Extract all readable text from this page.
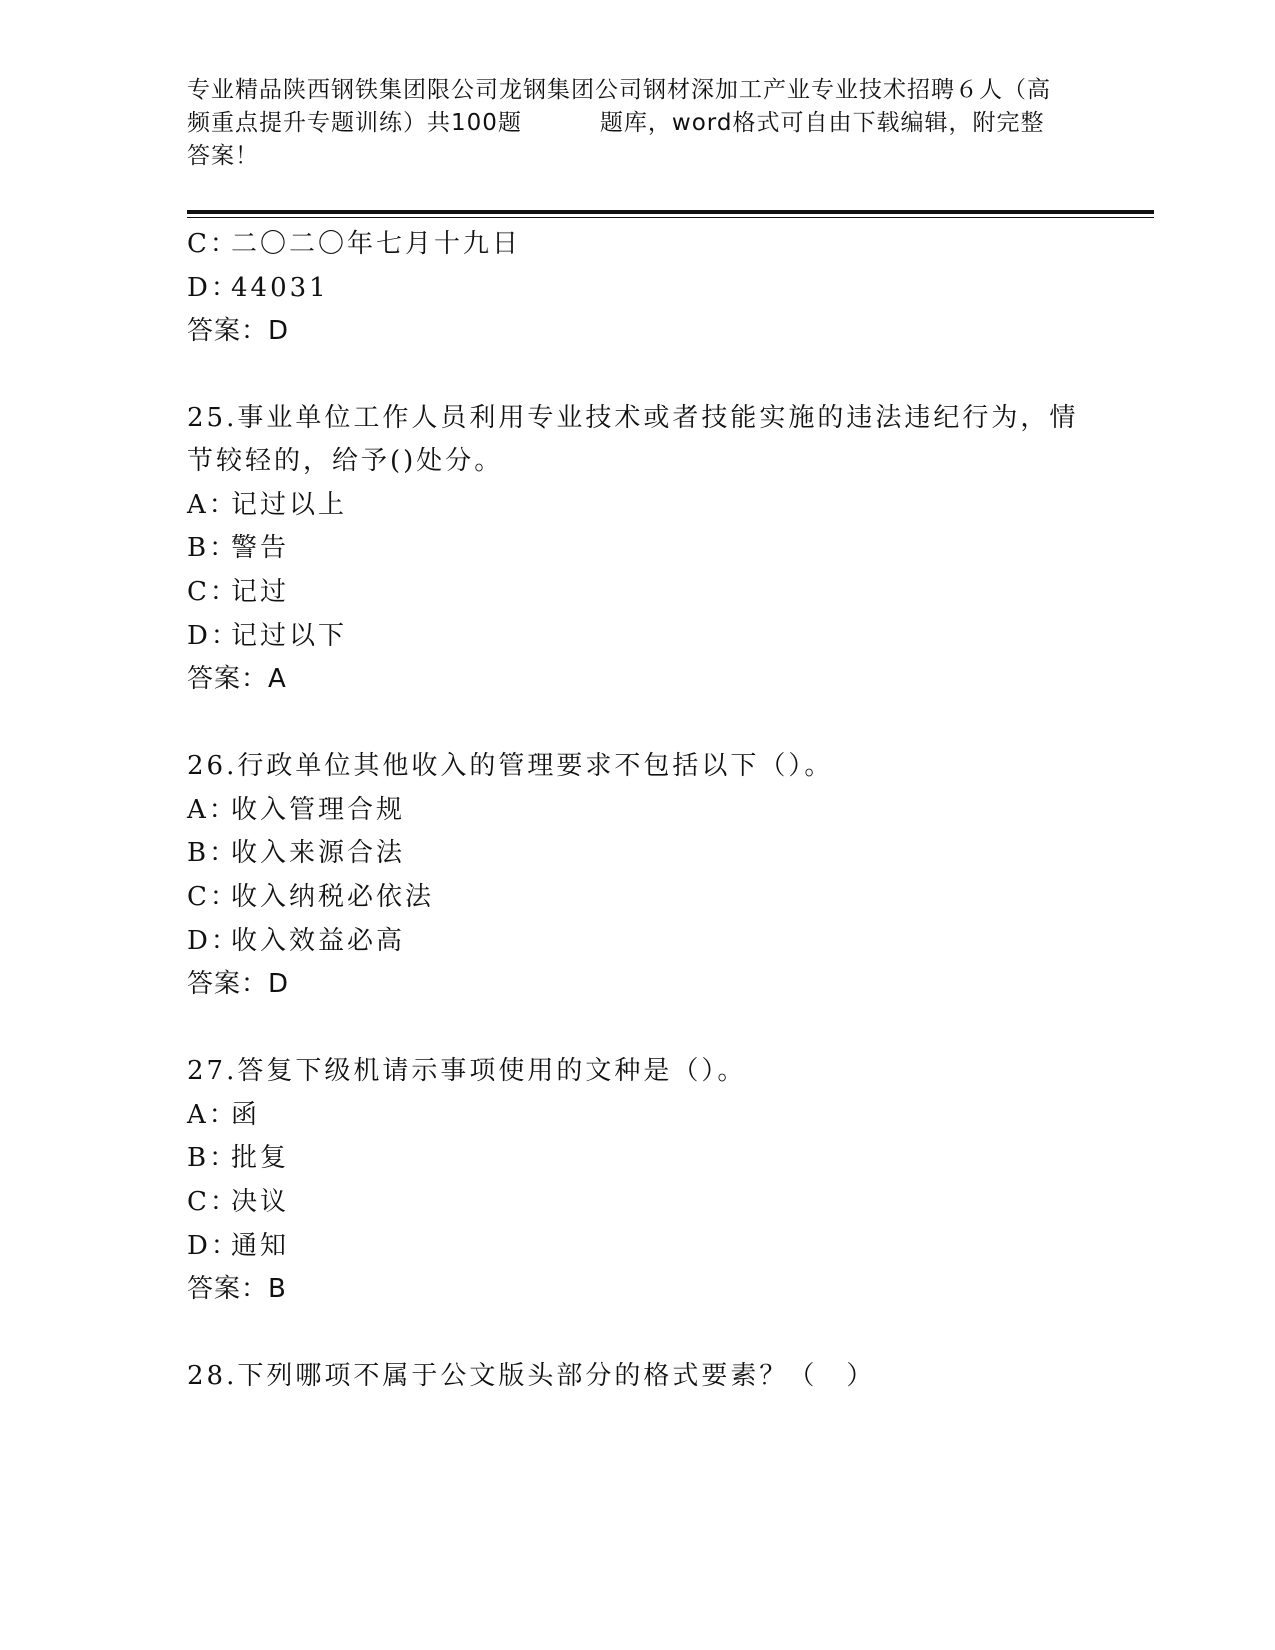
专业精品陕西钢铁集团限公司龙钢集团公司钢材深加工产业专业技术招聘６人（高
频重点提升专题训练）共100题	题库，word格式可自由下载编辑，附完整
答案！
C：二〇二〇年七月十九日
D：44031
答案：D
25.事业单位工作人员利用专业技术或者技能实施的违法违纪行为，情
节较轻的，给予()处分。
A：记过以上
B：警告
C：记过
D：记过以下
答案：A
26.行政单位其他收入的管理要求不包括以下（）。
A：收入管理合规
B：收入来源合法
C：收入纳税必依法
D：收入效益必高
答案：D
27.答复下级机请示事项使用的文种是（）。
A：函
B：批复
C：决议
D：通知
答案：B
28.下列哪项不属于公文版头部分的格式要素？（　）
